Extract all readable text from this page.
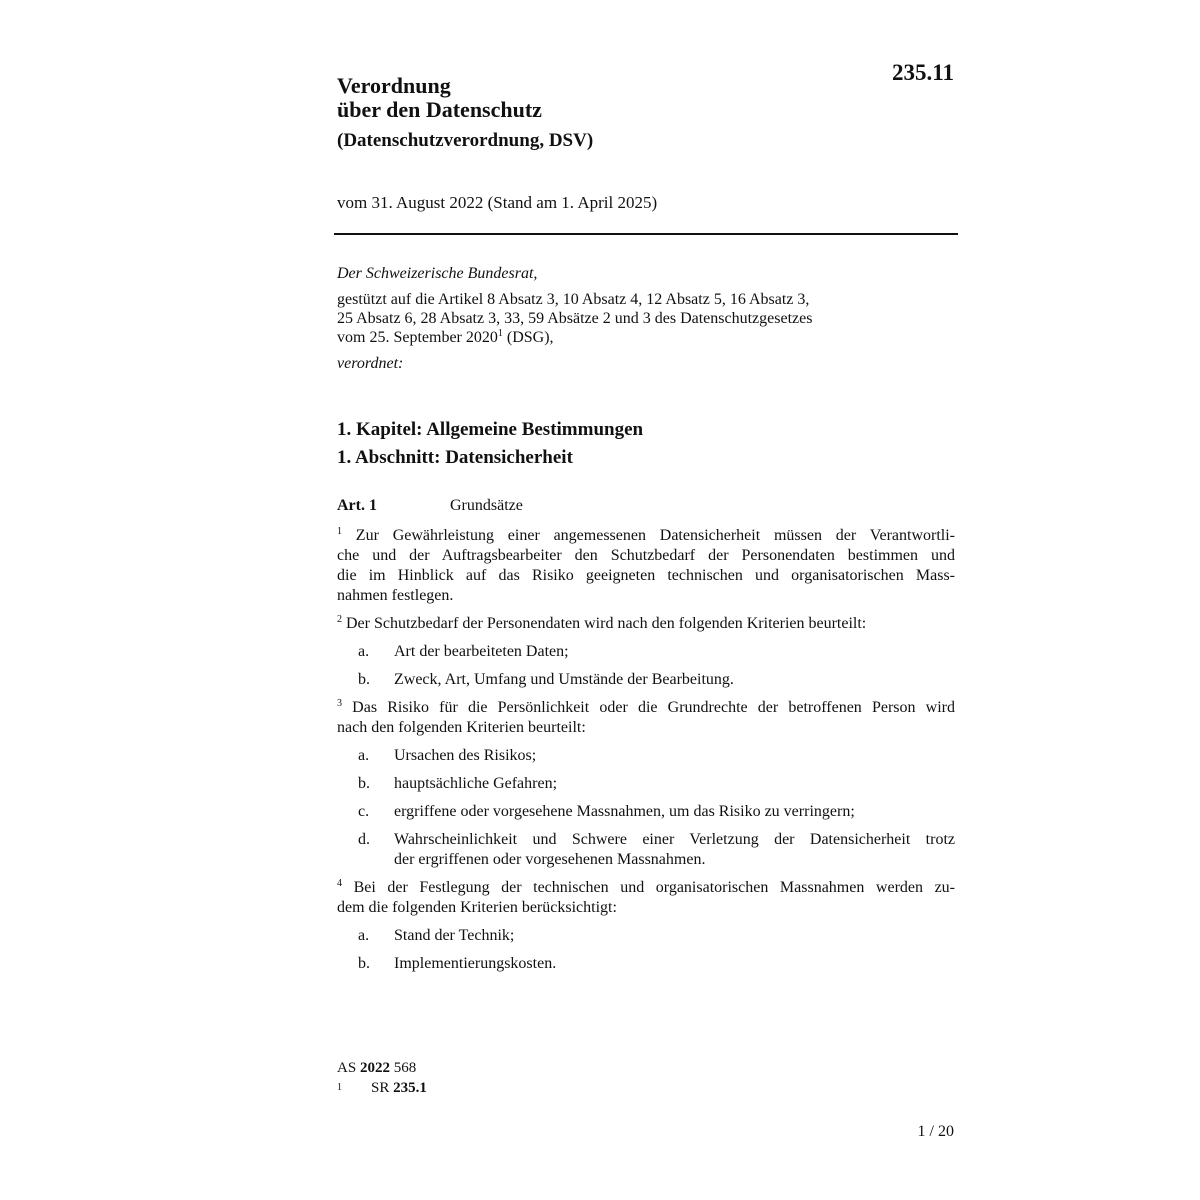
235.11
Verordnung
über den Datenschutz
(Datenschutzverordnung, DSV)
vom 31. August 2022 (Stand am 1. April 2025)
Der Schweizerische Bundesrat,
gestützt auf die Artikel 8 Absatz 3, 10 Absatz 4, 12 Absatz 5, 16 Absatz 3,
25 Absatz 6, 28 Absatz 3, 33, 59 Absätze 2 und 3 des Datenschutzgesetzes
vom 25. September 2020$^1$ (DSG),
verordnet:
1. Kapitel: Allgemeine Bestimmungen
1. Abschnitt: Datensicherheit
Art. 1	Grundsätze
$^1$ Zur Gewährleistung einer angemessenen Datensicherheit müssen der Verantwortli-
che und der Auftragsbearbeiter den Schutzbedarf der Personendaten bestimmen und
die im Hinblick auf das Risiko geeigneten technischen und organisatorischen Mass-
nahmen festlegen.
$^2$ Der Schutzbedarf der Personendaten wird nach den folgenden Kriterien beurteilt:
a.	Art der bearbeiteten Daten;
b.	Zweck, Art, Umfang und Umstände der Bearbeitung.
$^3$ Das Risiko für die Persönlichkeit oder die Grundrechte der betroffenen Person wird
nach den folgenden Kriterien beurteilt:
a.	Ursachen des Risikos;
b.	hauptsächliche Gefahren;
c.	ergriffene oder vorgesehene Massnahmen, um das Risiko zu verringern;
d.	Wahrscheinlichkeit und Schwere einer Verletzung der Datensicherheit trotz
der ergriffenen oder vorgesehenen Massnahmen.
$^4$ Bei der Festlegung der technischen und organisatorischen Massnahmen werden zu-
dem die folgenden Kriterien berücksichtigt:
a.	Stand der Technik;
b.	Implementierungskosten.
AS 2022 568
1	SR 235.1
1 / 20
